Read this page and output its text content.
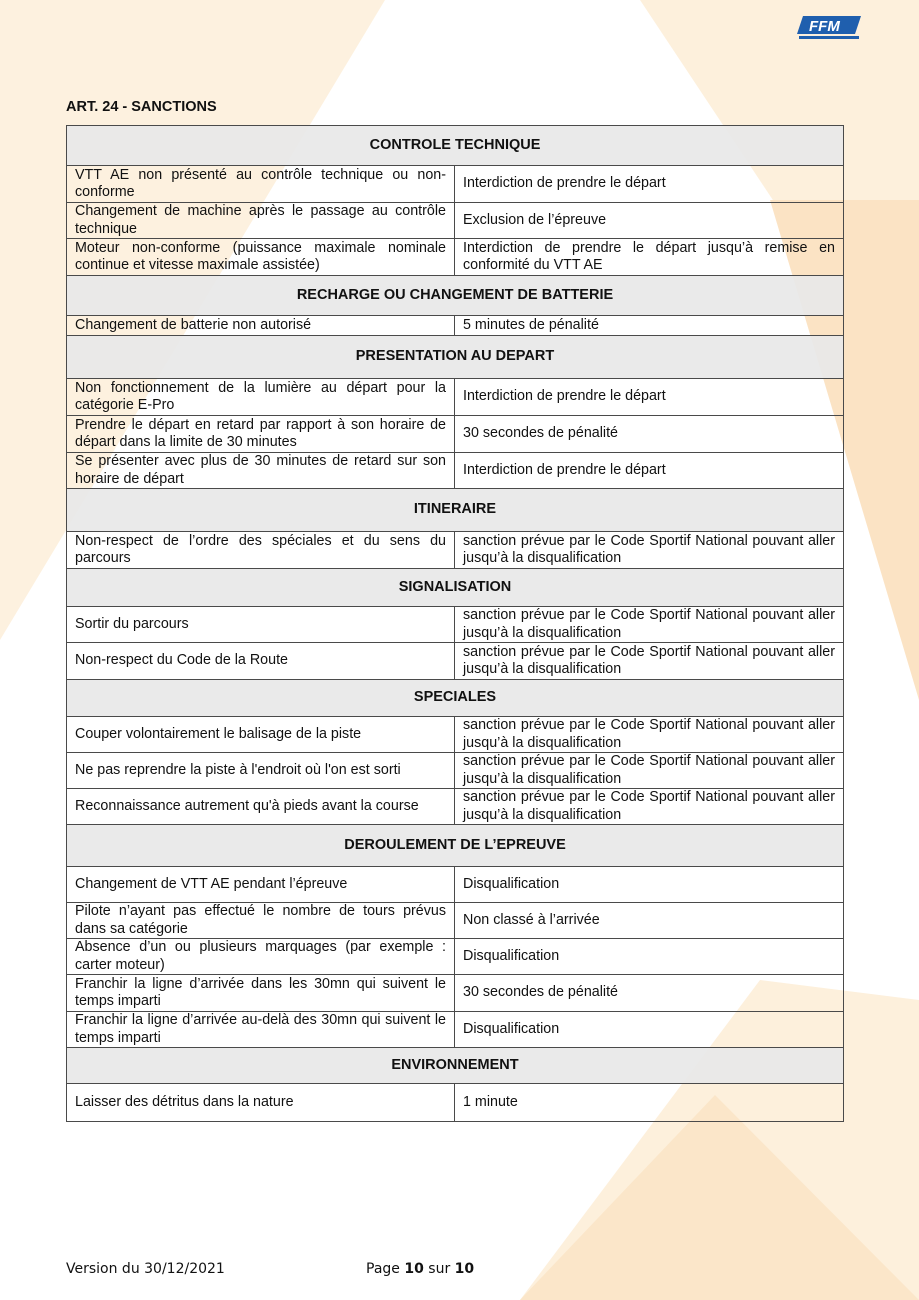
FFM
ART. 24 - SANCTIONS
CONTROLE TECHNIQUE	
VTT AE non présenté au contrôle technique ou non-conforme	Interdiction de prendre le départ
Changement de machine après le passage au contrôle technique	Exclusion de l’épreuve
Moteur non-conforme (puissance maximale nominale continue et vitesse maximale assistée)	Interdiction de prendre le départ jusqu’à remise en conformité du VTT AE
RECHARGE OU CHANGEMENT DE BATTERIE	
Changement de batterie non autorisé	5 minutes de pénalité
PRESENTATION AU DEPART	
Non fonctionnement de la lumière au départ pour la catégorie E-Pro	Interdiction de prendre le départ
Prendre le départ en retard par rapport à son horaire de départ dans la limite de 30 minutes	30 secondes de pénalité
Se présenter avec plus de 30 minutes de retard sur son horaire de départ	Interdiction de prendre le départ
ITINERAIRE	
Non-respect de l’ordre des spéciales et du sens du parcours	sanction prévue par le Code Sportif National pouvant aller jusqu’à la disqualification
SIGNALISATION	
Sortir du parcours	sanction prévue par le Code Sportif National pouvant aller jusqu’à la disqualification
Non-respect du Code de la Route	sanction prévue par le Code Sportif National pouvant aller jusqu’à la disqualification
SPECIALES	
Couper volontairement le balisage de la piste	sanction prévue par le Code Sportif National pouvant aller jusqu’à la disqualification
Ne pas reprendre la piste à l'endroit où l'on est sorti	sanction prévue par le Code Sportif National pouvant aller jusqu’à la disqualification
Reconnaissance autrement qu'à pieds avant la course	sanction prévue par le Code Sportif National pouvant aller jusqu’à la disqualification
DEROULEMENT DE L’EPREUVE	
Changement de VTT AE pendant l’épreuve	Disqualification
Pilote n’ayant pas effectué le nombre de tours prévus dans sa catégorie	Non classé à l’arrivée
Absence d’un ou plusieurs marquages (par exemple : carter moteur)	Disqualification
Franchir la ligne d’arrivée dans les 30mn qui suivent le temps imparti	30 secondes de pénalité
Franchir la ligne d’arrivée au-delà des 30mn qui suivent le temps imparti	Disqualification
ENVIRONNEMENT	
Laisser des détritus dans la nature	1 minute
Version du 30/12/2021	Page 10 sur 10
